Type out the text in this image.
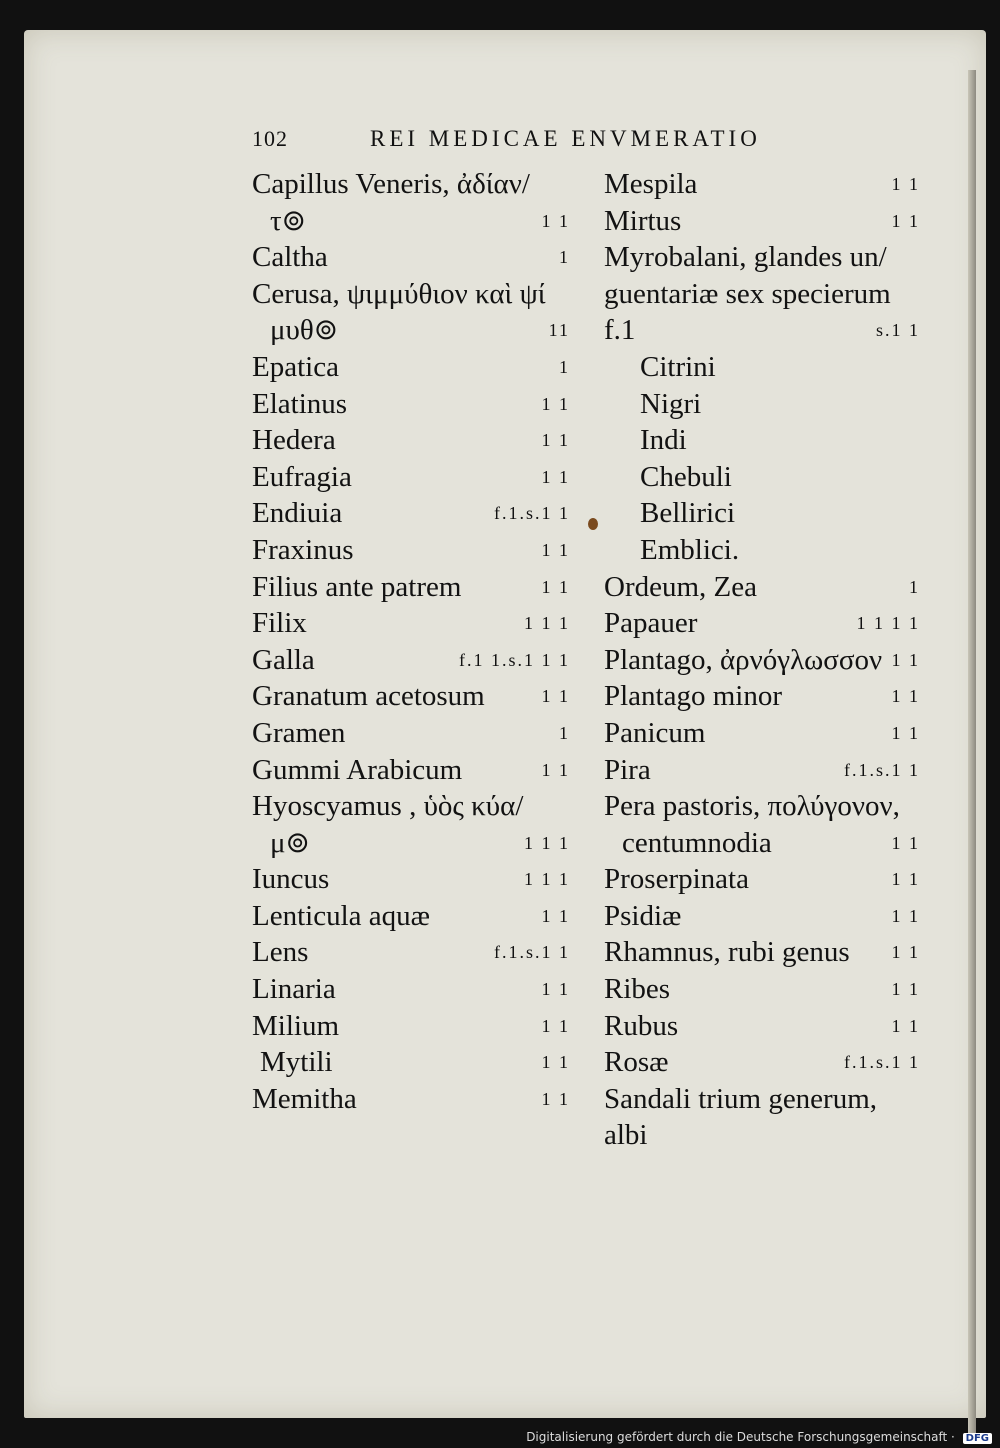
102	REI MEDICAE ENVMERATIO
Capillus Veneris, ἀδίαν/
τ⊚	1 1
Caltha	1
Cerusa, ψιμμύθιον καὶ ψί
μυθ⊚	11
Epatica	1
Elatinus	1 1
Hedera	1 1
Eufragia	1 1
Endiuia	f.1.s.1 1
Fraxinus	1 1
Filius ante patrem	1 1
Filix	1 1 1
Galla	f.1 1.s.1 1 1
Granatum acetosum	1 1
Gramen	1
Gummi Arabicum	1 1
Hyoscyamus , ὑὸς κύα/
μ⊚	1 1 1
Iuncus	1 1 1
Lenticula aquæ	1 1
Lens	f.1.s.1 1
Linaria	1 1
Milium	1 1
Mytili	1 1
Memitha	1 1
Mespila	1 1
Mirtus	1 1
Myrobalani, glandes un/
guentariæ sex specierum
f.1	s.1 1
Citrini
Nigri
Indi
Chebuli
Bellirici
Emblici.
Ordeum, Zea	1
Papauer	1 1 1 1
Plantago, ἀρνόγλωσσον 1 1
Plantago minor	1 1
Panicum	1 1
Pira	f.1.s.1 1
Pera pastoris, πολύγονον,
centumnodia	1 1
Proserpinata	1 1
Psidiæ	1 1
Rhamnus, rubi genus 1 1
Ribes	1 1
Rubus	1 1
Rosæ	f.1.s.1 1
Sandali trium generum,
albi
Digitalisierung gefördert durch die Deutsche Forschungsgemeinschaft · DFG
